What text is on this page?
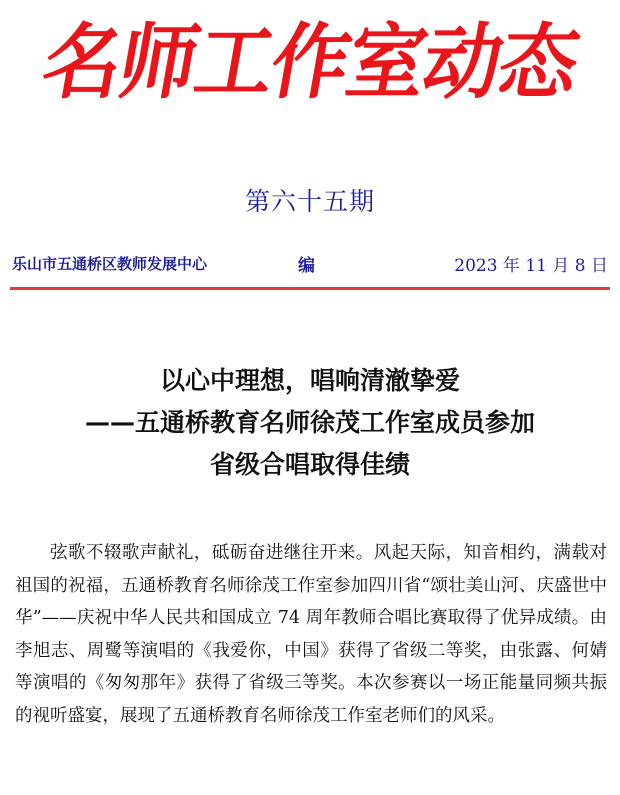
名师工作室动态
第六十五期
乐山市五通桥区教师发展中心	编	2023 年 11 月 8 日
以心中理想，唱响清澈挚爱
——五通桥教育名师徐茂工作室成员参加
省级合唱取得佳绩
弦歌不辍歌声献礼，砥砺奋进继往开来。风起天际，知音相约，满载对祖国的祝福，五通桥教育名师徐茂工作室参加四川省“颂壮美山河、庆盛世中华”——庆祝中华人民共和国成立 74 周年教师合唱比赛取得了优异成绩。由李旭志、周鹭等演唱的《我爱你，中国》获得了省级二等奖，由张露、何婧等演唱的《匆匆那年》获得了省级三等奖。本次参赛以一场正能量同频共振的视听盛宴，展现了五通桥教育名师徐茂工作室老师们的风采。
